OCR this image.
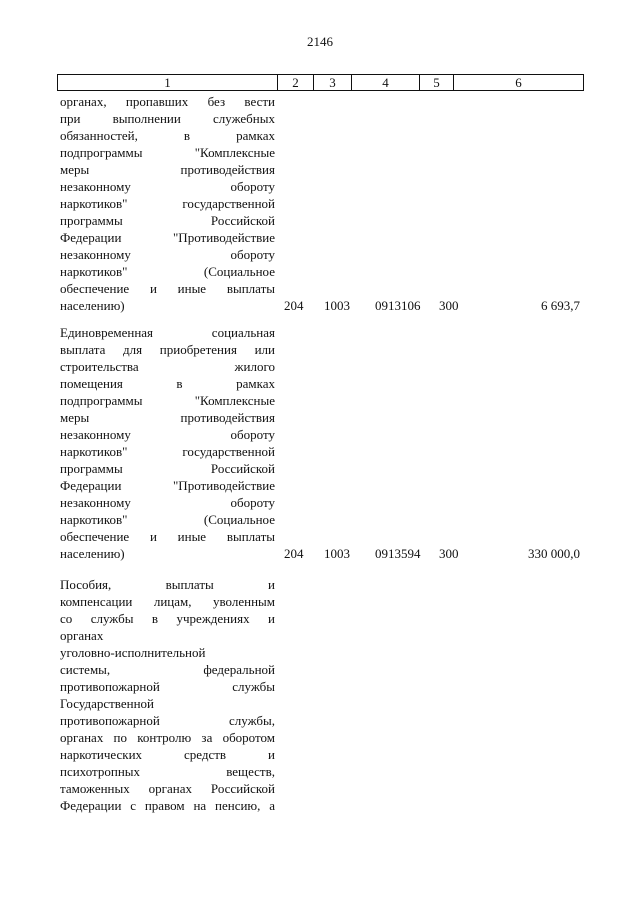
2146
1	2	3	4	5	6
органах, пропавших без вести
при выполнении служебных
обязанностей, в рамках
подпрограммы "Комплексные
меры противодействия
незаконному обороту
наркотиков" государственной
программы Российской
Федерации "Противодействие
незаконному обороту
наркотиков" (Социальное
обеспечение и иные выплаты
населению)	204 1003 0913106 300	6 693,7
Единовременная социальная
выплата для приобретения или
строительства жилого
помещения в рамках
подпрограммы "Комплексные
меры противодействия
незаконному обороту
наркотиков" государственной
программы Российской
Федерации "Противодействие
незаконному обороту
наркотиков" (Социальное
обеспечение и иные выплаты
населению)	204 1003 0913594 300	330 000,0
Пособия, выплаты и
компенсации лицам, уволенным
со службы в учреждениях и
органах
уголовно-исполнительной
системы, федеральной
противопожарной службы
Государственной
противопожарной службы,
органах по контролю за оборотом
наркотических средств и
психотропных веществ,
таможенных органах Российской
Федерации с правом на пенсию, а
